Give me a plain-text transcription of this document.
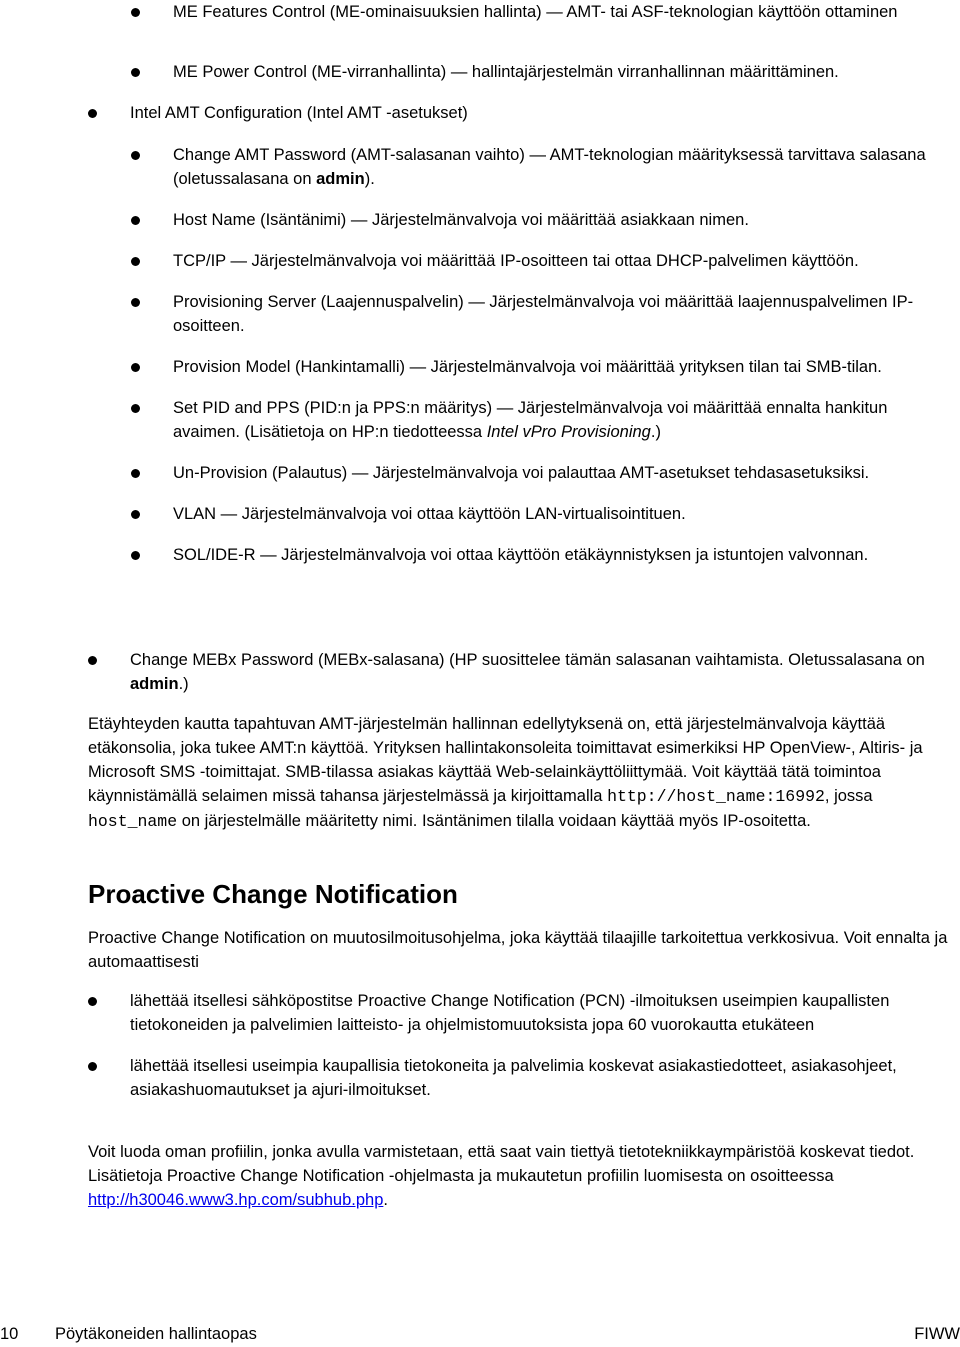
ME Features Control (ME-ominaisuuksien hallinta) — AMT- tai ASF-teknologian käyttöön ottaminen
ME Power Control (ME-virranhallinta) — hallintajärjestelmän virranhallinnan määrittäminen.
Intel AMT Configuration (Intel AMT -asetukset)
Change AMT Password (AMT-salasanan vaihto) — AMT-teknologian määrityksessä tarvittava salasana (oletussalasana on admin).
Host Name (Isäntänimi) — Järjestelmänvalvoja voi määrittää asiakkaan nimen.
TCP/IP — Järjestelmänvalvoja voi määrittää IP-osoitteen tai ottaa DHCP-palvelimen käyttöön.
Provisioning Server (Laajennuspalvelin) — Järjestelmänvalvoja voi määrittää laajennuspalvelimen IP-osoitteen.
Provision Model (Hankintamalli) — Järjestelmänvalvoja voi määrittää yrityksen tilan tai SMB-tilan.
Set PID and PPS (PID:n ja PPS:n määritys) — Järjestelmänvalvoja voi määrittää ennalta hankitun avaimen. (Lisätietoja on HP:n tiedotteessa Intel vPro Provisioning.)
Un-Provision (Palautus) — Järjestelmänvalvoja voi palauttaa AMT-asetukset tehdasasetuksiksi.
VLAN — Järjestelmänvalvoja voi ottaa käyttöön LAN-virtualisointituen.
SOL/IDE-R — Järjestelmänvalvoja voi ottaa käyttöön etäkäynnistyksen ja istuntojen valvonnan.
Change MEBx Password (MEBx-salasana) (HP suosittelee tämän salasanan vaihtamista. Oletussalasana on admin.)

Etäyhteyden kautta tapahtuvan AMT-järjestelmän hallinnan edellytyksenä on, että järjestelmänvalvoja käyttää etäkonsolia, joka tukee AMT:n käyttöä. Yrityksen hallintakonsoleita toimittavat esimerkiksi HP OpenView-, Altiris- ja Microsoft SMS -toimittajat. SMB-tilassa asiakas käyttää Web-selainkäyttöliittymää. Voit käyttää tätä toimintoa käynnistämällä selaimen missä tahansa järjestelmässä ja kirjoittamalla http://host_name:16992, jossa host_name on järjestelmälle määritetty nimi. Isäntänimen tilalla voidaan käyttää myös IP-osoitetta.

Proactive Change Notification

Proactive Change Notification on muutosilmoitusohjelma, joka käyttää tilaajille tarkoitettua verkkosivua. Voit ennalta ja automaattisesti

lähettää itsellesi sähköpostitse Proactive Change Notification (PCN) -ilmoituksen useimpien kaupallisten tietokoneiden ja palvelimien laitteisto- ja ohjelmistomuutoksista jopa 60 vuorokautta etukäteen
lähettää itsellesi useimpia kaupallisia tietokoneita ja palvelimia koskevat asiakastiedotteet, asiakasohjeet, asiakashuomautukset ja ajuri-ilmoitukset.

Voit luoda oman profiilin, jonka avulla varmistetaan, että saat vain tiettyä tietotekniikkaympäristöä koskevat tiedot. Lisätietoja Proactive Change Notification -ohjelmasta ja mukautetun profiilin luomisesta on osoitteessa http://h30046.www3.hp.com/subhub.php.

10 Pöytäkoneiden hallintaopas	FIWW
